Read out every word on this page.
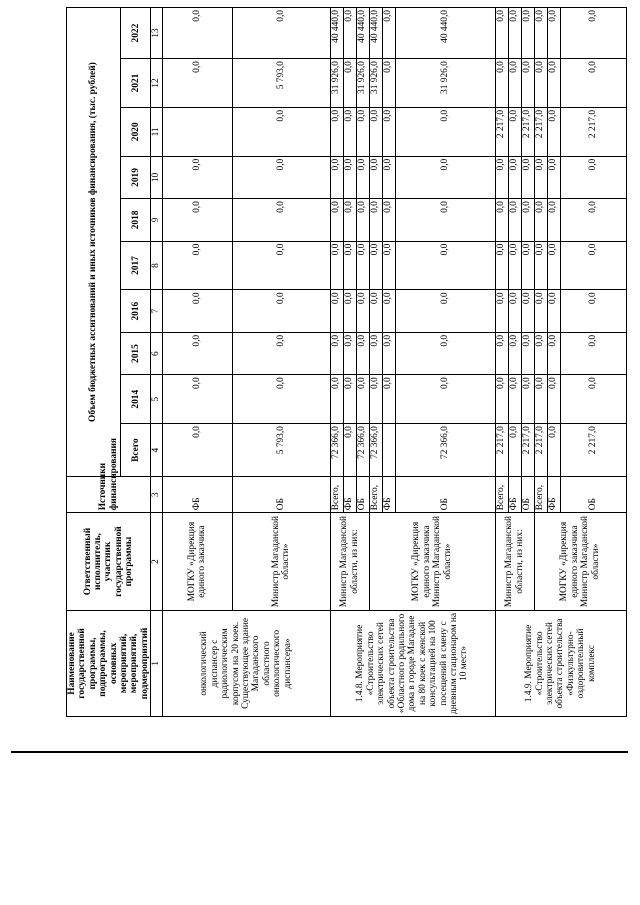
Наименование государственной программы, подпрограммы, основных мероприятий, мероприятий, подмероприятий	Ответственный исполнитель, участник государственной программы	Источники финансирования	Объем бюджетных ассигнований и иных источников финансирования, (тыс. рублей)									
			Всего	2014	2015	2016	2017	2018	2019	2020	2021	2022
1	2	3	4	5	6	7	8	9	10	11	12	13
онкологический диспансер с радиологическим корпусом на 20 коек. Существующее здание Магаданского областного онкологического диспансера»	МОГКУ «Дирекция единого заказчика	ФБ	0,0	0,0	0,0	0,0	0,0	0,0	0,0		0,0	0,0
	Министр Магаданской области»	ОБ	5 793,0	0,0	0,0	0,0	0,0	0,0	0,0	0,0	5 793,0	0,0
1.4.8. Мероприятие «Строительство электрических сетей объекта строительства «Областного родильного дома в городе Магадане на 80 коек с женской консультацией на 100 посещений в смену с дневным стационаром на 10 мест»	Министр Магаданской области, из них:	Всего,	72 366,0	0,0	0,0	0,0	0,0	0,0	0,0	0,0	31 926,0	40 440,0
		ФБ	0,0	0,0	0,0	0,0	0,0	0,0	0,0	0,0	0,0	0,0
		ОБ	72 366,0	0,0	0,0	0,0	0,0	0,0	0,0	0,0	31 926,0	40 440,0
	МОГКУ «Дирекция единого заказчика Министр Магаданской области»	Всего,	72 366,0	0,0	0,0	0,0	0,0	0,0	0,0	0,0	31 926,0	40 440,0
		ФБ		0,0	0,0	0,0	0,0	0,0	0,0	0,0	0,0	0,0
		ОБ	72 366,0	0,0	0,0	0,0	0,0	0,0	0,0	0,0	31 926,0	40 440,0
1.4.9. Мероприятие «Строительство электрических сетей объекта строительства «Физкультурно-оздоровительный комплекс	Министр Магаданской области, из них:	Всего,	2 217,0	0,0	0,0	0,0	0,0	0,0	0,0	2 217,0	0,0	0,0
		ФБ	0,0	0,0	0,0	0,0	0,0	0,0	0,0	0,0	0,0	0,0
		ОБ	2 217,0	0,0	0,0	0,0	0,0	0,0	0,0	2 217,0	0,0	0,0
	МОГКУ «Дирекция единого заказчика Министр Магаданской области»	Всего,	2 217,0	0,0	0,0	0,0	0,0	0,0	0,0	2 217,0	0,0	0,0
		ФБ	0,0	0,0	0,0	0,0	0,0	0,0	0,0	0,0	0,0	0,0
		ОБ	2 217,0	0,0	0,0	0,0	0,0	0,0	0,0	2 217,0	0,0	0,0
